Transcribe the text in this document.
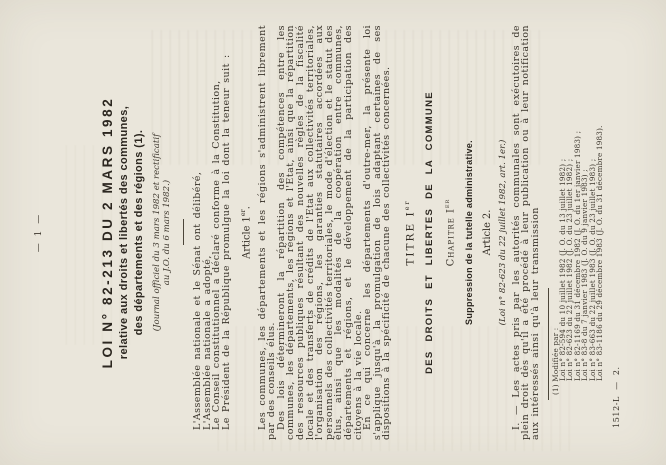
— 1 —	LOI N° 82-213 DU 2 MARS 1982 relative aux droits et libertés des communes, des départements et des régions (1). (Journal officiel du 3 mars 1982 et rectificatif au J.O. du 6 mars 1982.) L'Assemblée nationale et le Sénat ont délibéré,

L'Assemblée nationale a adopté,

Le Conseil constitutionnel a déclaré conforme à la Constitution,

Le Président de la République promulgue la loi dont la teneur suit : Article 1er. Les communes, les départements et les régions s'administrent librement par des conseils élus.

Des lois détermineront la répartition des compétences entre les communes, les départements, les régions et l'Etat, ainsi que la répartition des ressources publiques résultant des nouvelles règles de la fiscalité locale et des transferts de crédits de l'Etat aux collectivités territoriales, l'organisation des régions, les garanties statutaires accordées aux personnels des collectivités territoriales, le mode d'élection et le statut des élus, ainsi que les modalités de la coopération entre communes, départements et régions, et le développement de la participation des citoyens à la vie locale.

En ce qui concerne les départements d'outre-mer, la présente loi s'applique jusqu'à la promulgation de lois adaptant certaines de ses dispositions à la spécificité de chacune des collectivités concernées. TITRE Ier	DES DROITS ET LIBERTES DE LA COMMUNE Chapitre Ier	Suppression de la tutelle administrative. Article 2. (Loi n° 82-623 du 22 juillet 1982, art. 1er.) I. — Les actes pris par les autorités communales sont exécutoires de plein droit dès qu'il a été procédé à leur publication ou à leur notification aux intéressés ainsi qu'à leur transmission (1) Modifiée par :
Loi n° 82-594 du 10 juillet 1982 (J. O. du 13 juillet 1982) ;
Loi n° 82-623 du 22 juillet 1982 (J. O. du 23 juillet 1982) ;
Loi n° 82-1169 du 31 décembre 1982 (J. O. du 1er janvier 1983) ;
Loi n° 83-8 du 7 janvier 1983 (J. O. du 9 janvier 1983) ;
Loi n° 83-663 du 22 juillet 1983 (J. O. du 23 juillet 1983) ;
Loi n° 83-1186 du 29 décembre 1983 (J. O. du 31 décembre 1983).
1512-L — 2.
